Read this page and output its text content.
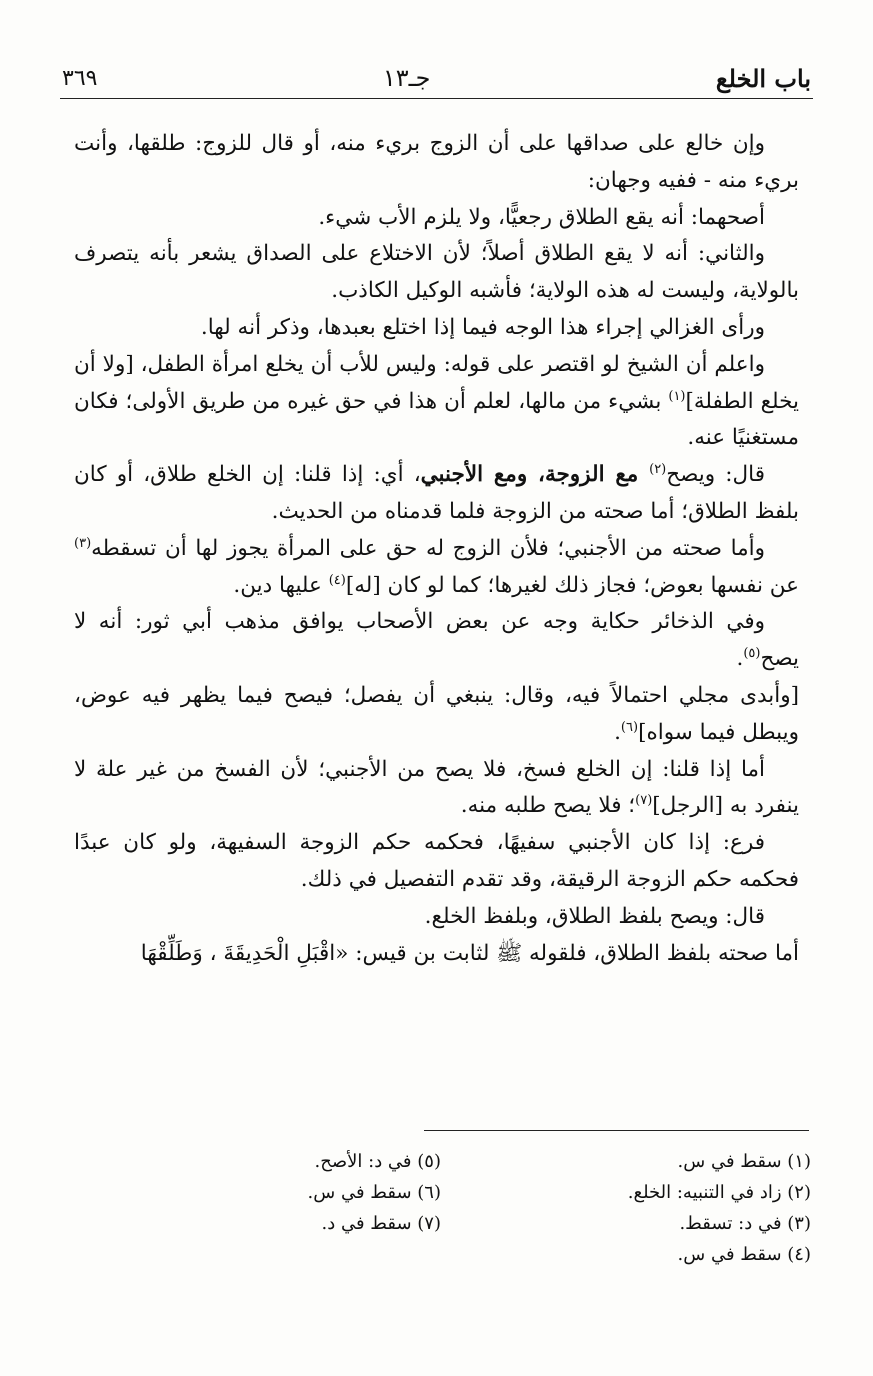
باب الخلع
جـ١٣
٣٦٩

وإن خالع على صداقها على أن الزوج بريء منه، أو قال للزوج: طلقها، وأنت بريء منه - ففيه وجهان:

أصحهما: أنه يقع الطلاق رجعيًّا، ولا يلزم الأب شيء.

والثاني: أنه لا يقع الطلاق أصلاً؛ لأن الاختلاع على الصداق يشعر بأنه يتصرف بالولاية، وليست له هذه الولاية؛ فأشبه الوكيل الكاذب.

ورأى الغزالي إجراء هذا الوجه فيما إذا اختلع بعبدها، وذكر أنه لها.

واعلم أن الشيخ لو اقتصر على قوله: وليس للأب أن يخلع امرأة الطفل، [ولا أن يخلع الطفلة]$^{(١)}$ بشيء من مالها، لعلم أن هذا في حق غيره من طريق الأولى؛ فكان مستغنيًا عنه.

قال: ويصح$^{(٢)}$ مع الزوجة، ومع الأجنبي، أي: إذا قلنا: إن الخلع طلاق، أو كان بلفظ الطلاق؛ أما صحته من الزوجة فلما قدمناه من الحديث.

وأما صحته من الأجنبي؛ فلأن الزوج له حق على المرأة يجوز لها أن تسقطه$^{(٣)}$ عن نفسها بعوض؛ فجاز ذلك لغيرها؛ كما لو كان [له]$^{(٤)}$ عليها دين.

وفي الذخائر حكاية وجه عن بعض الأصحاب يوافق مذهب أبي ثور: أنه لا يصح$^{(٥)}$.

[وأبدى مجلي احتمالاً فيه، وقال: ينبغي أن يفصل؛ فيصح فيما يظهر فيه عوض، ويبطل فيما سواه]$^{(٦)}$.

أما إذا قلنا: إن الخلع فسخ، فلا يصح من الأجنبي؛ لأن الفسخ من غير علة لا ينفرد به [الرجل]$^{(٧)}$؛ فلا يصح طلبه منه.

فرع: إذا كان الأجنبي سفيهًا، فحكمه حكم الزوجة السفيهة، ولو كان عبدًا فحكمه حكم الزوجة الرقيقة، وقد تقدم التفصيل في ذلك.

قال: ويصح بلفظ الطلاق، وبلفظ الخلع.

أما صحته بلفظ الطلاق، فلقوله ﷺ لثابت بن قيس: «اقْبَلِ الْحَدِيقَةَ ، وَطَلِّقْهَا

(١) سقط في س.
(٢) زاد في التنبيه: الخلع.
(٣) في د: تسقط.
(٤) سقط في س.
(٥) في د: الأصح.
(٦) سقط في س.
(٧) سقط في د.
